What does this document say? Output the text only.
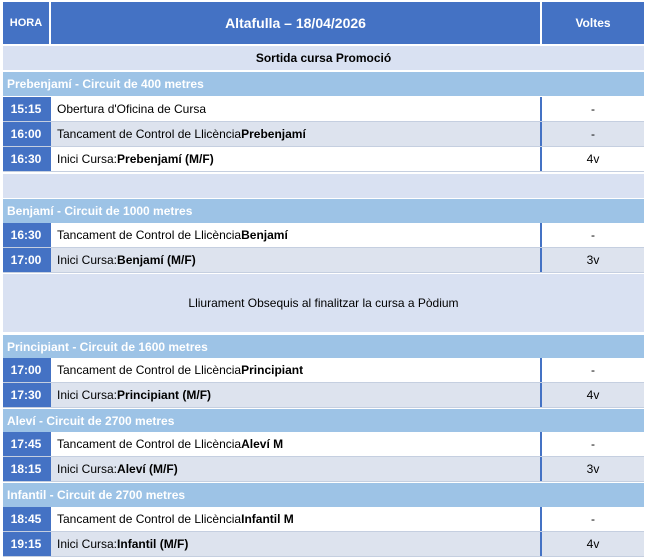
HORA	Altafulla – 18/04/2026	Voltes
Sortida cursa Promoció
Prebenjamí - Circuit de 400 metres
15:15	Obertura d'Oficina de Cursa	-
16:00	Tancament de Control de Llicència Prebenjamí	-
16:30	Inici Cursa: Prebenjamí (M/F)	4v
Benjamí - Circuit de 1000 metres
16:30	Tancament de Control de Llicència Benjamí	-
17:00	Inici Cursa: Benjamí (M/F)	3v
Lliurament Obsequis al finalitzar la cursa a Pòdium
Principiant - Circuit de 1600 metres
17:00	Tancament de Control de Llicència Principiant	-
17:30	Inici Cursa: Principiant (M/F)	4v
Aleví - Circuit de 2700 metres
17:45	Tancament de Control de Llicència Aleví M	-
18:15	Inici Cursa: Aleví (M/F)	3v
Infantil - Circuit de 2700 metres
18:45	Tancament de Control de Llicència Infantil M	-
19:15	Inici Cursa: Infantil (M/F)	4v
